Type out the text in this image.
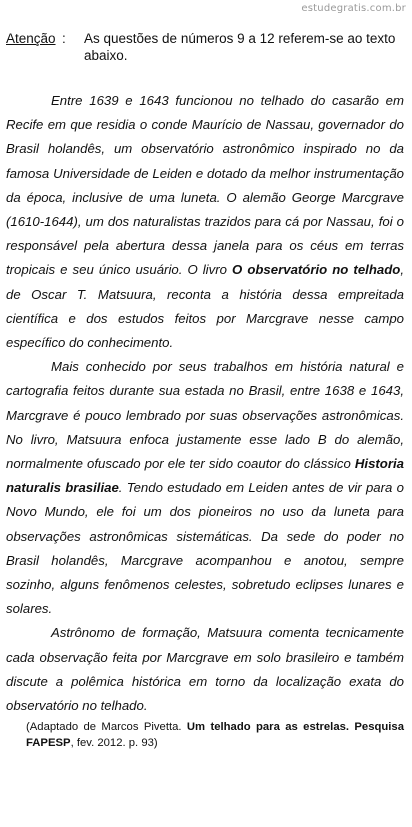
estudegratis.com.br
Atenção : As questões de números 9 a 12 referem-se ao texto abaixo.

Entre 1639 e 1643 funcionou no telhado do casarão em Recife em que residia o conde Maurício de Nassau, governador do Brasil holandês, um observatório astronômico inspirado no da famosa Universidade de Leiden e dotado da melhor instrumentação da época, inclusive de uma luneta. O alemão George Marcgrave (1610-1644), um dos naturalistas trazidos para cá por Nassau, foi o responsável pela abertura dessa janela para os céus em terras tropicais e seu único usuário. O livro O observatório no telhado, de Oscar T. Matsuura, reconta a história dessa empreitada científica e dos estudos feitos por Marcgrave nesse campo específico do conhecimento.

Mais conhecido por seus trabalhos em história natural e cartografia feitos durante sua estada no Brasil, entre 1638 e 1643, Marcgrave é pouco lembrado por suas observações astronômicas. No livro, Matsuura enfoca justamente esse lado B do alemão, normalmente ofuscado por ele ter sido coautor do clássico Historia naturalis brasiliae. Tendo estudado em Leiden antes de vir para o Novo Mundo, ele foi um dos pioneiros no uso da luneta para observações astronômicas sistemáticas. Da sede do poder no Brasil holandês, Marcgrave acompanhou e anotou, sempre sozinho, alguns fenômenos celestes, sobretudo eclipses lunares e solares.

Astrônomo de formação, Matsuura comenta tecnicamente cada observação feita por Marcgrave em solo brasileiro e também discute a polêmica histórica em torno da localização exata do observatório no telhado.

(Adaptado de Marcos Pivetta. Um telhado para as estrelas. Pesquisa FAPESP, fev. 2012. p. 93)
